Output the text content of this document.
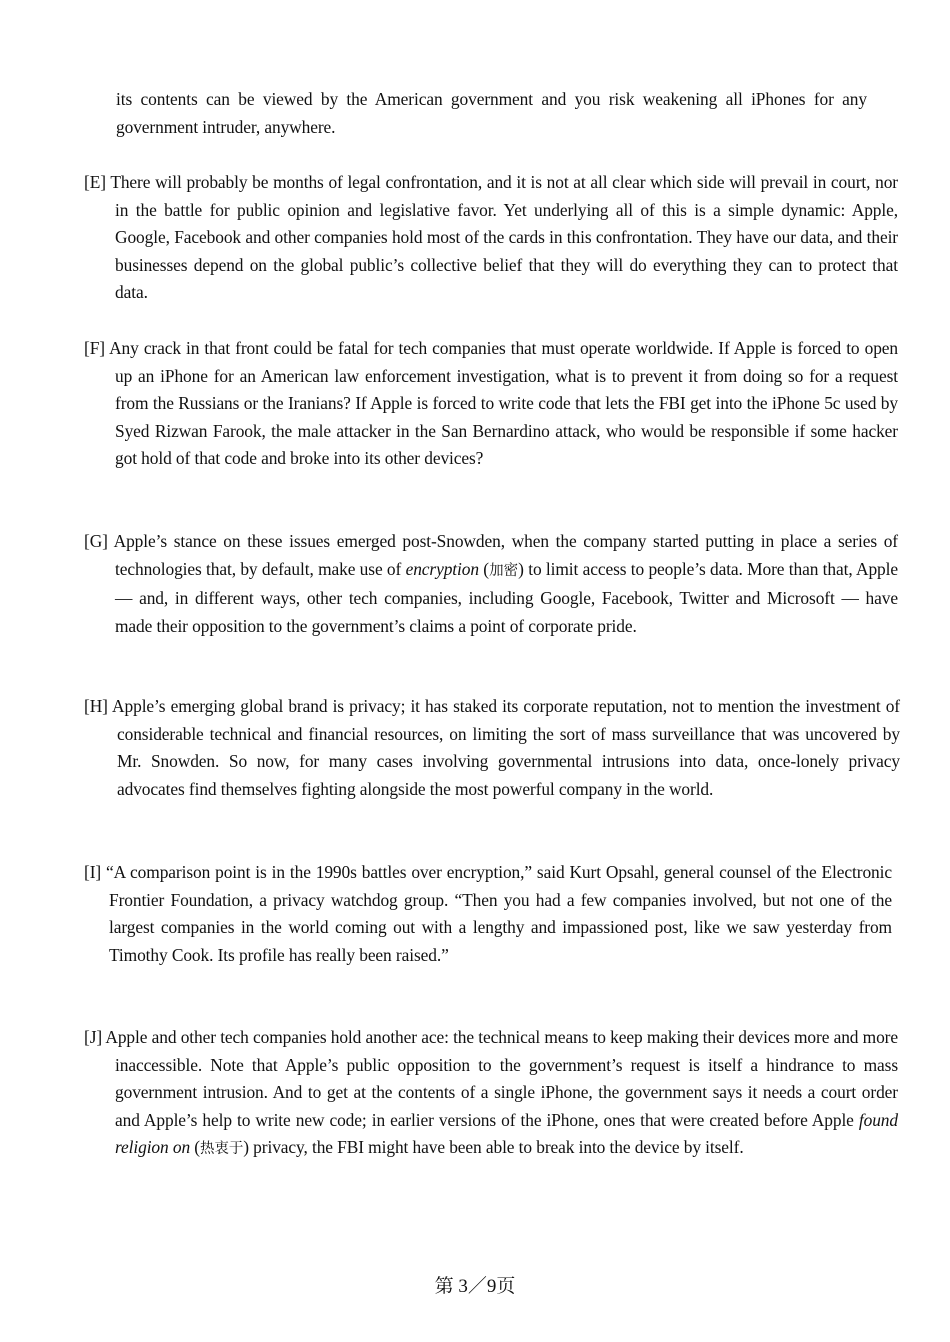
its contents can be viewed by the American government and you risk weakening all iPhones for any government intruder, anywhere.

[E] There will probably be months of legal confrontation, and it is not at all clear which side will prevail in court, nor in the battle for public opinion and legislative favor. Yet underlying all of this is a simple dynamic: Apple, Google, Facebook and other companies hold most of the cards in this confrontation. They have our data, and their businesses depend on the global public’s collective belief that they will do everything they can to protect that data.

[F] Any crack in that front could be fatal for tech companies that must operate worldwide. If Apple is forced to open up an iPhone for an American law enforcement investigation, what is to prevent it from doing so for a request from the Russians or the Iranians? If Apple is forced to write code that lets the FBI get into the iPhone 5c used by Syed Rizwan Farook, the male attacker in the San Bernardino attack, who would be responsible if some hacker got hold of that code and broke into its other devices?

[G] Apple’s stance on these issues emerged post-Snowden, when the company started putting in place a series of technologies that, by default, make use of encryption (加密) to limit access to people’s data. More than that, Apple — and, in different ways, other tech companies, including Google, Facebook, Twitter and Microsoft — have made their opposition to the government’s claims a point of corporate pride.

[H] Apple’s emerging global brand is privacy; it has staked its corporate reputation, not to mention the investment of considerable technical and financial resources, on limiting the sort of mass surveillance that was uncovered by Mr. Snowden. So now, for many cases involving governmental intrusions into data, once-lonely privacy advocates find themselves fighting alongside the most powerful company in the world.

[I] “A comparison point is in the 1990s battles over encryption,” said Kurt Opsahl, general counsel of the Electronic Frontier Foundation, a privacy watchdog group. “Then you had a few companies involved, but not one of the largest companies in the world coming out with a lengthy and impassioned post, like we saw yesterday from Timothy Cook. Its profile has really been raised.”

[J] Apple and other tech companies hold another ace: the technical means to keep making their devices more and more inaccessible. Note that Apple’s public opposition to the government’s request is itself a hindrance to mass government intrusion. And to get at the contents of a single iPhone, the government says it needs a court order and Apple’s help to write new code; in earlier versions of the iPhone, ones that were created before Apple found religion on (热衷于) privacy, the FBI might have been able to break into the device by itself.

第 3／9页
